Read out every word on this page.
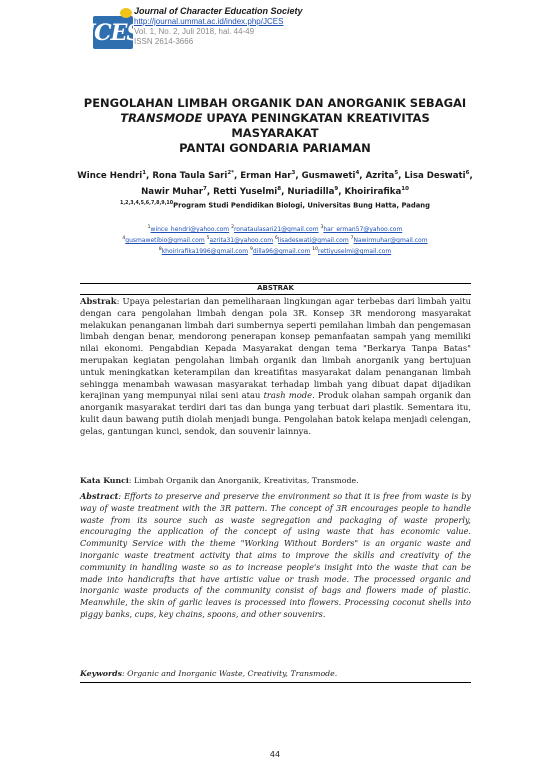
JCES
Journal of Character Education Society
http://journal.ummat.ac.id/index.php/JCES
Vol. 1, No. 2, Juli 2018, hal. 44-49
ISSN 2614-3666
PENGOLAHAN LIMBAH ORGANIK DAN ANORGANIK SEBAGAI
TRANSMODE UPAYA PENINGKATAN KREATIVITAS MASYARAKAT
PANTAI GONDARIA PARIAMAN
Wince Hendri$^1$, Rona Taula Sari$^{2*}$, Erman Har$^3$, Gusmaweti$^4$, Azrita$^5$, Lisa Deswati$^6$,
Nawir Muhar$^7$, Retti Yuselmi$^8$, Nuriadilla$^9$, Khoirirafika$^{10}$
$^{1,2,3,4,5,6,7,8,9,10}$Program Studi Pendidikan Biologi, Universitas Bung Hatta, Padang
$^1$wince_hendri@yahoo.com $^2$ronataulasari21@gmail.com $^3$har_erman57@yahoo.com
$^4$gusmawetibio@gmail.com $^5$azrita31@yahoo.com $^6$lisadeswati@gmail.com $^7$Nawirmuhar@gmail.com
$^8$khoirirafika1996@gmail.com $^9$dilla96@gmail.com $^{10}$rettiyuselmi@gmail.com
ABSTRAK
Abstrak: Upaya pelestarian dan pemeliharaan lingkungan agar terbebas dari limbah yaitu dengan cara pengolahan limbah dengan pola 3R. Konsep 3R mendorong masyarakat melakukan penanganan limbah dari sumbernya seperti pemilahan limbah dan pengemasan limbah dengan benar, mendorong penerapan konsep pemanfaatan sampah yang memiliki nilai ekonomi. Pengabdian Kepada Masyarakat dengan tema "Berkarya Tanpa Batas" merupakan kegiatan pengolahan limbah organik dan limbah anorganik yang bertujuan untuk meningkatkan keterampilan dan kreatifitas masyarakat dalam penanganan limbah sehingga menambah wawasan masyarakat terhadap limbah yang dibuat dapat dijadikan kerajinan yang mempunyai nilai seni atau trash mode. Produk olahan sampah organik dan anorganik masyarakat terdiri dari tas dan bunga yang terbuat dari plastik. Sementara itu, kulit daun bawang putih diolah menjadi bunga. Pengolahan batok kelapa menjadi celengan, gelas, gantungan kunci, sendok, dan souvenir lainnya.
Kata Kunci: Limbah Organik dan Anorganik, Kreativitas, Transmode.
Abstract: Efforts to preserve and preserve the environment so that it is free from waste is by way of waste treatment with the 3R pattern. The concept of 3R encourages people to handle waste from its source such as waste segregation and packaging of waste properly, encouraging the application of the concept of using waste that has economic value. Community Service with the theme "Working Without Borders" is an organic waste and inorganic waste treatment activity that aims to improve the skills and creativity of the community in handling waste so as to increase people's insight into the waste that can be made into handicrafts that have artistic value or trash mode. The processed organic and inorganic waste products of the community consist of bags and flowers made of plastic. Meanwhile, the skin of garlic leaves is processed into flowers. Processing coconut shells into piggy banks, cups, key chains, spoons, and other souvenirs.
Keywords: Organic and Inorganic Waste, Creativity, Transmode.
44
